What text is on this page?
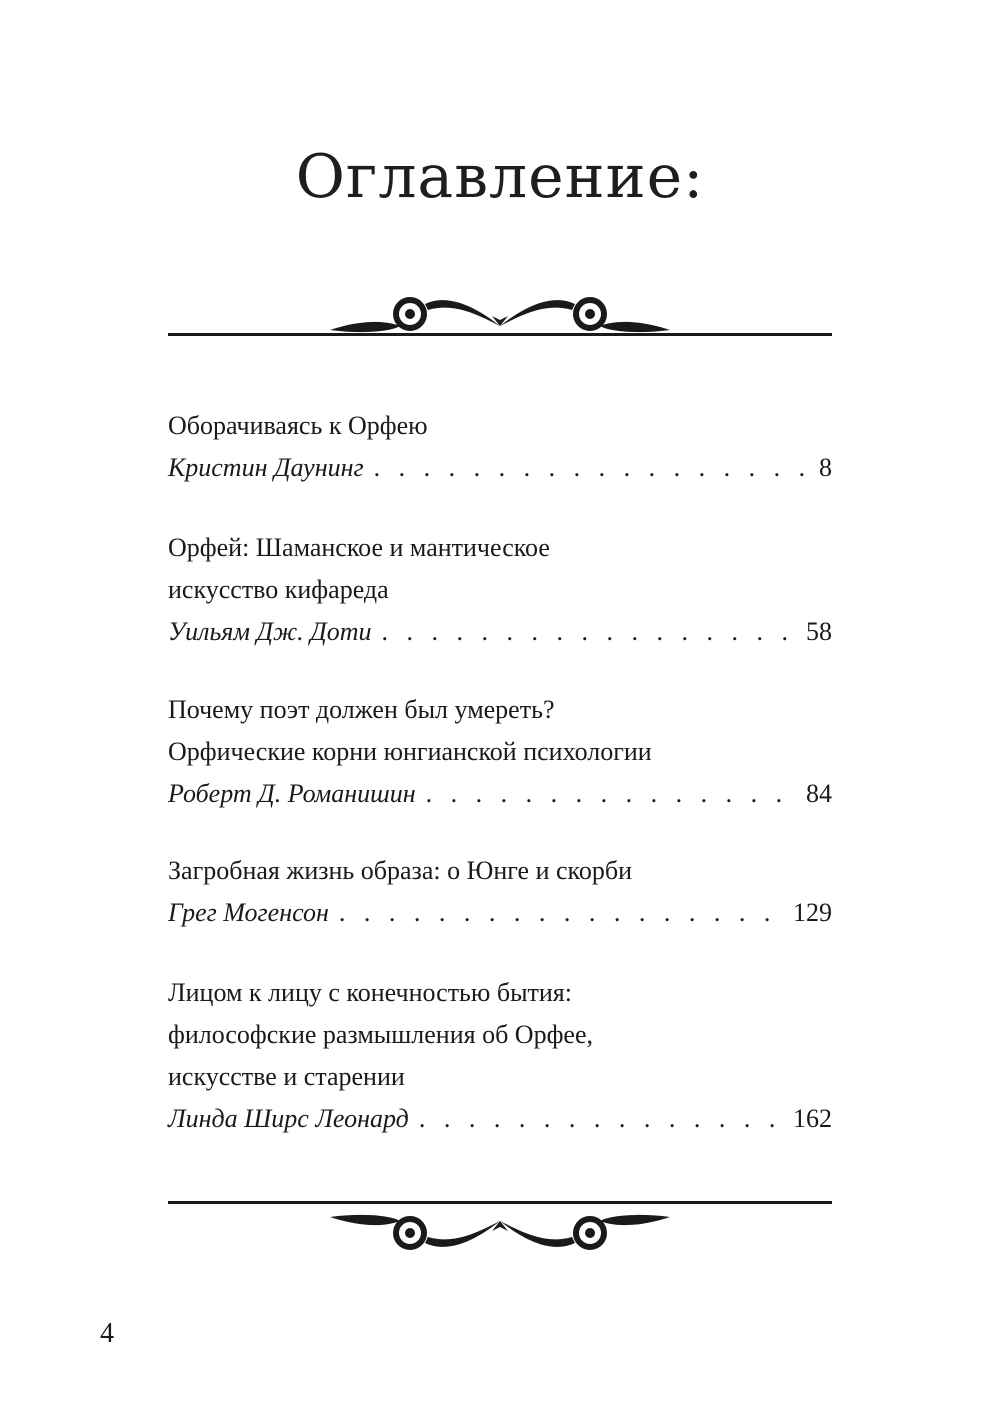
Оглавление:
Оборачиваясь к Орфею
Кристин Даунинг . . .	8
Орфей: Шаманское и мантическое
искусство кифареда
Уильям Дж. Доти . . .	58
Почему поэт должен был умереть?
Орфические корни юнгианской психологии
Роберт Д. Романишин . . .	84
Загробная жизнь образа: о Юнге и скорби
Грег Могенсон . . .	129
Лицом к лицу с конечностью бытия:
философские размышления об Орфее,
искусстве и старении
Линда Ширс Леонард . . .	162
4
